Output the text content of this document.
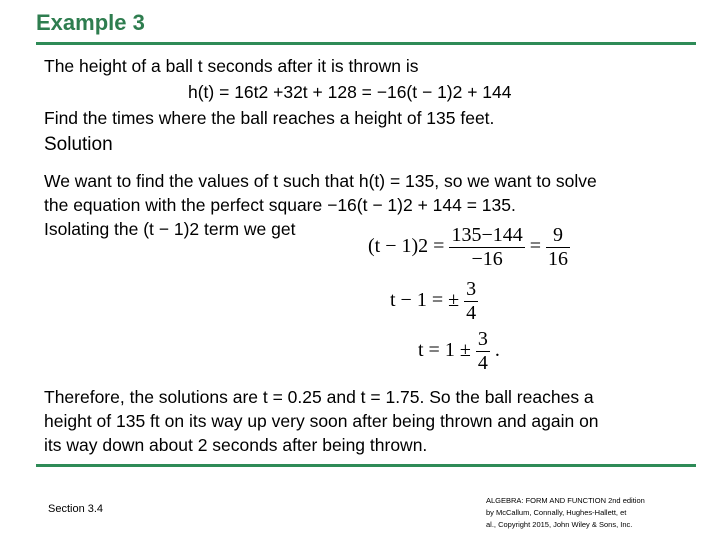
Example 3
The height of a ball t seconds after it is thrown is
h(t) = 16t2 +32t + 128 = −16(t − 1)2 + 144
Find the times where the ball reaches a height of 135 feet.
Solution
We want to find the values of t such that h(t) = 135, so we want to solve
the equation with the perfect square −16(t − 1)2 + 144 = 135.
Isolating the (t − 1)2 term we get
$(t - 1)2 = \frac{135-144}{-16} = \frac{9}{16}$
t − 1 = ± $\frac{3}{4}$
$t = 1 \pm \frac{3}{4}$ .
Therefore, the solutions are t = 0.25 and t = 1.75. So the ball reaches a
height of 135 ft on its way up very soon after being thrown and again on
its way down about 2 seconds after being thrown.
Section 3.4
ALGEBRA: FORM AND FUNCTION 2nd edition
by McCallum, Connally, Hughes-Hallett, et
al., Copyright 2015, John Wiley & Sons, Inc.
